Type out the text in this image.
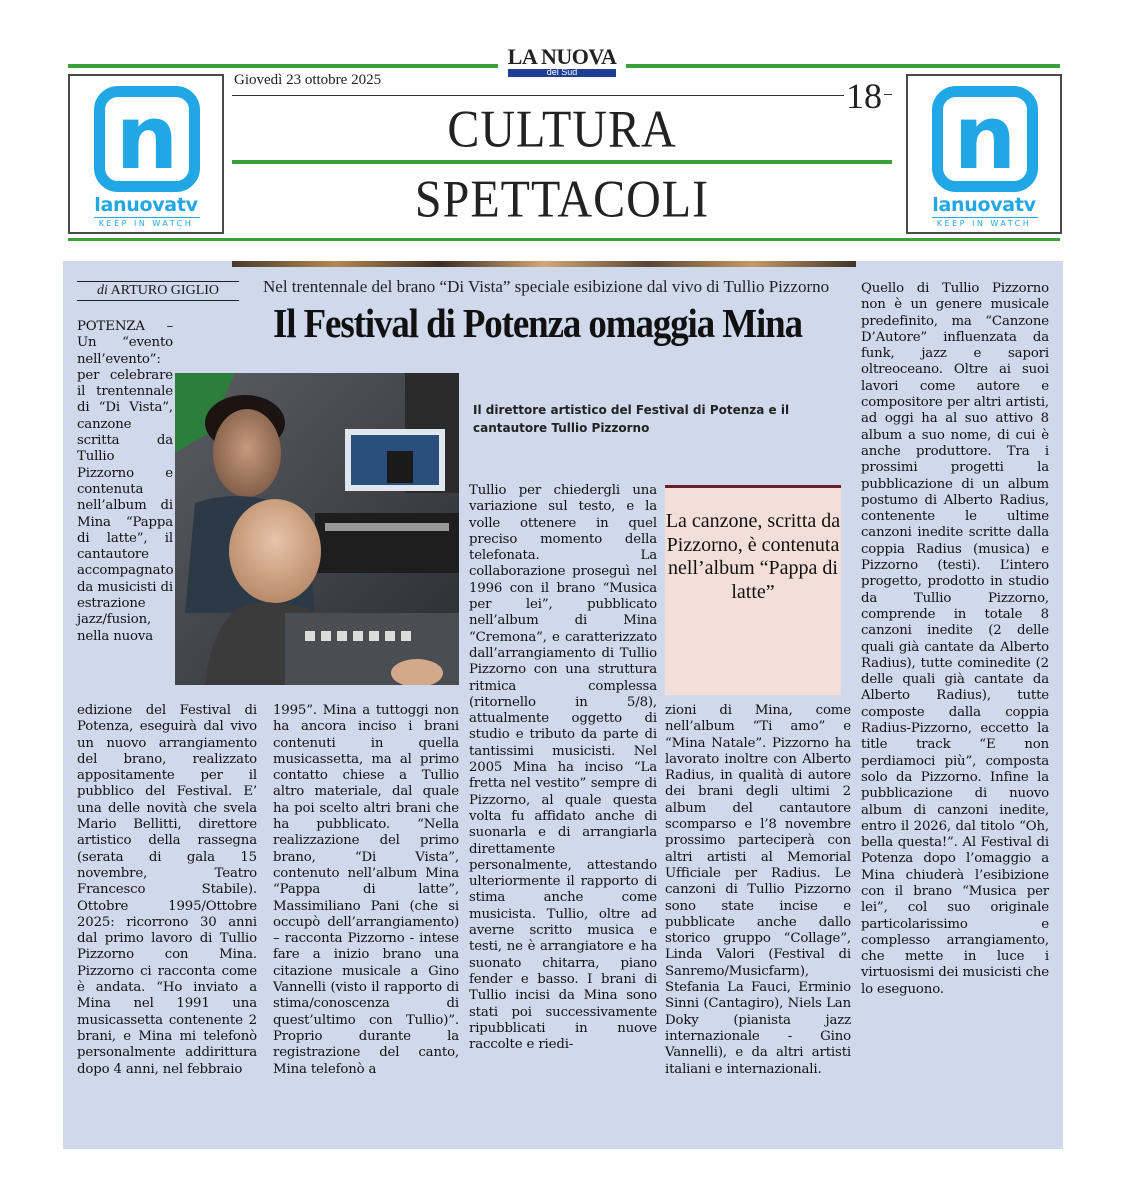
LA NUOVA
del Sud
n
lanuovatv
KEEP IN WATCH
n
lanuovatv
KEEP IN WATCH
Giovedì 23 ottobre 2025	18
CULTURA
SPETTACOLI
di ARTURO GIGLIO	Nel trentennale del brano “Di Vista” speciale esibizione dal vivo di Tullio Pizzorno
Il Festival di Potenza omaggia Mina
POTENZA – Un “evento nell’evento”: per celebrare il trentennale di “Di Vista”, canzone scritta da Tullio Pizzorno e contenuta nell’album di Mina “Pappa di latte”, il cantautore accompagnato da musicisti di estrazione jazz/fusion, nella nuova
Il direttore artistico del Festival di Potenza e il cantautore Tullio Pizzorno
edizione del Festival di Potenza, eseguirà dal vivo un nuovo arrangiamento del brano, realizzato appositamente per il pubblico del Festival. E’ una delle novità che svela Mario Bellitti, direttore artistico della rassegna (serata di gala 15 novembre, Teatro Francesco Stabile). Ottobre 1995/Ottobre 2025: ricorrono 30 anni dal primo lavoro di Tullio Pizzorno con Mina. Pizzorno ci racconta come è andata. “Ho inviato a Mina nel 1991 una musicassetta contenente 2 brani, e Mina mi telefonò personalmente addirittura dopo 4 anni, nel febbraio
1995”. Mina a tuttoggi non ha ancora inciso i brani contenuti in quella musicassetta, ma al primo contatto chiese a Tullio altro materiale, dal quale ha poi scelto altri brani che ha pubblicato. “Nella realizzazione del primo brano, “Di Vista”, contenuto nell’album Mina “Pappa di latte”, Massimiliano Pani (che si occupò dell’arrangiamento) – racconta Pizzorno - intese fare a inizio brano una citazione musicale a Gino Vannelli (visto il rapporto di stima/conoscenza di quest’ultimo con Tullio)”. Proprio durante la registrazione del canto, Mina telefonò a
Tullio per chiedergli una variazione sul testo, e la volle ottenere in quel preciso momento della telefonata. La collaborazione proseguì nel 1996 con il brano “Musica per lei”, pubblicato nell’album di Mina “Cremona”, e caratterizzato dall’arrangiamento di Tullio Pizzorno con una struttura ritmica complessa (ritornello in 5/8), attualmente oggetto di studio e tributo da parte di tantissimi musicisti. Nel 2005 Mina ha inciso “La fretta nel vestito” sempre di Pizzorno, al quale questa volta fu affidato anche di suonarla e di arrangiarla direttamente personalmente, attestando ulteriormente il rapporto di stima anche come musicista. Tullio, oltre ad averne scritto musica e testi, ne è arrangiatore e ha suonato chitarra, piano fender e basso. I brani di Tullio incisi da Mina sono stati poi successivamente ripubblicati in nuove raccolte e riedi-
La canzone, scritta da Pizzorno, è contenuta nell’album “Pappa di latte”
zioni di Mina, come nell’album “Ti amo” e “Mina Natale”. Pizzorno ha lavorato inoltre con Alberto Radius, in qualità di autore dei brani degli ultimi 2 album del cantautore scomparso e l’8 novembre prossimo parteciperà con altri artisti al Memorial Ufficiale per Radius. Le canzoni di Tullio Pizzorno sono state incise e pubblicate anche dallo storico gruppo “Collage”, Linda Valori (Festival di Sanremo/Musicfarm), Stefania La Fauci, Erminio Sinni (Cantagiro), Niels Lan Doky (pianista jazz internazionale - Gino Vannelli), e da altri artisti italiani e internazionali.
Quello di Tullio Pizzorno non è un genere musicale predefinito, ma “Canzone D’Autore” influenzata da funk, jazz e sapori oltreoceano. Oltre ai suoi lavori come autore e compositore per altri artisti, ad oggi ha al suo attivo 8 album a suo nome, di cui è anche produttore. Tra i prossimi progetti la pubblicazione di un album postumo di Alberto Radius, contenente le ultime canzoni inedite scritte dalla coppia Radius (musica) e Pizzorno (testi). L’intero progetto, prodotto in studio da Tullio Pizzorno, comprende in totale 8 canzoni inedite (2 delle quali già cantate da Alberto Radius), tutte cominedite (2 delle quali già cantate da Alberto Radius), tutte composte dalla coppia Radius-Pizzorno, eccetto la title track “E non perdiamoci più”, composta solo da Pizzorno. Infine la pubblicazione di nuovo album di canzoni inedite, entro il 2026, dal titolo “Oh, bella questa!”. Al Festival di Potenza dopo l’omaggio a Mina chiuderà l’esibizione con il brano “Musica per lei”, col suo originale particolarissimo e complesso arrangiamento, che mette in luce i virtuosismi dei musicisti che lo eseguono.
